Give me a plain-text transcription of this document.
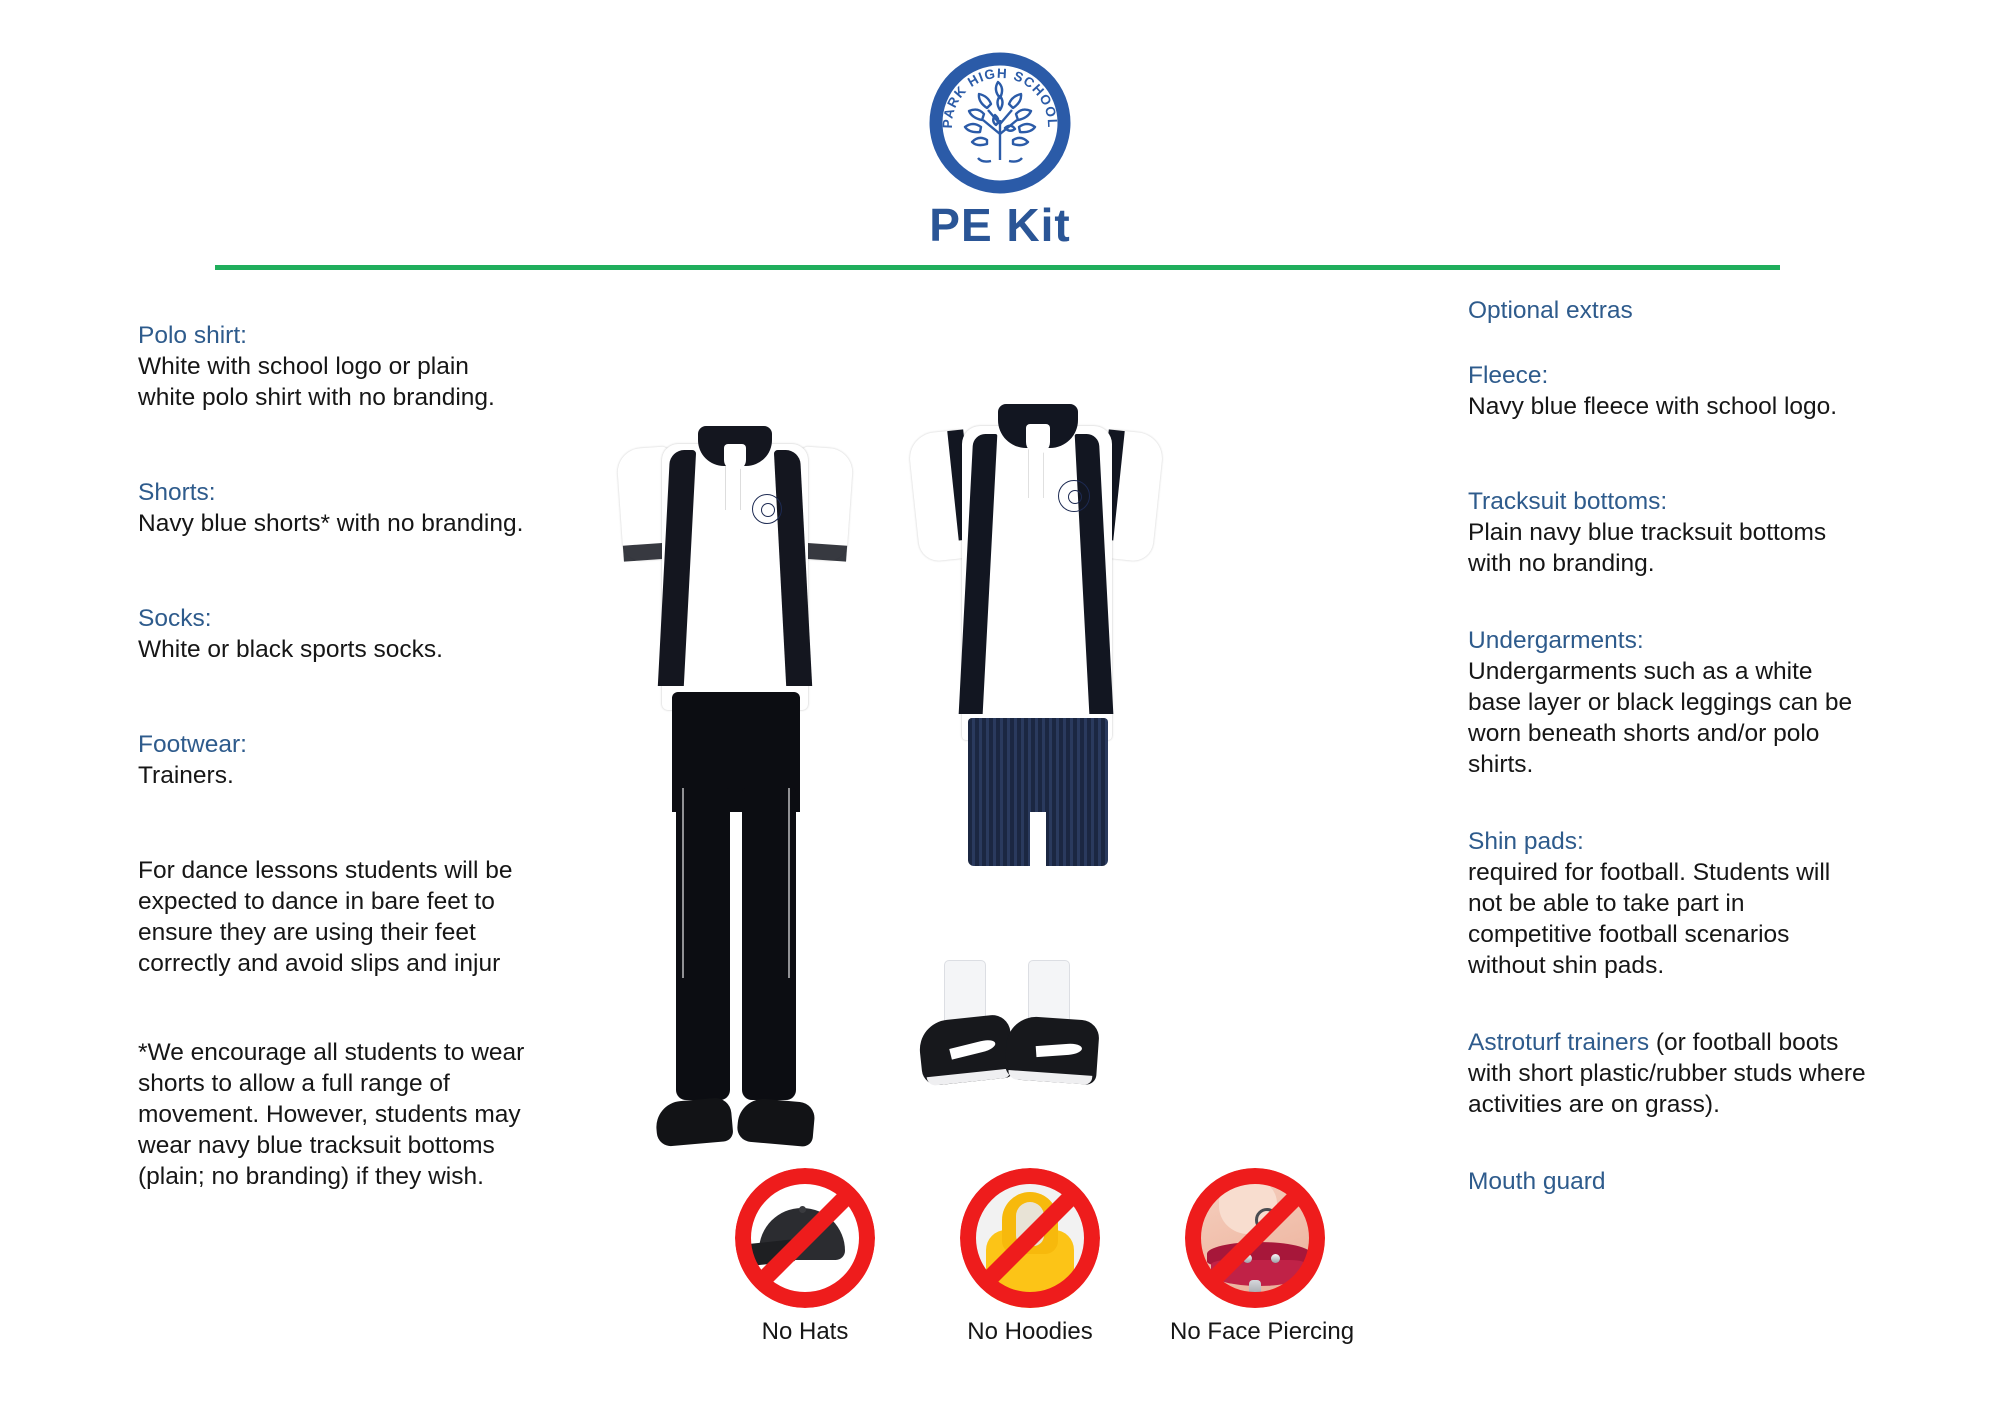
PARK HIGH SCHOOL
PE Kit
Polo shirt:
White with school logo or plain white polo shirt with no branding.
Shorts:
Navy blue shorts* with no branding.
Socks:
White or black sports socks.
Footwear:
Trainers.
For dance lessons students will be expected to dance in bare feet to ensure they are using their feet correctly and avoid slips and injur
*We encourage all students to wear shorts to allow a full range of movement. However, students may wear navy blue tracksuit bottoms (plain; no branding) if they wish.
Optional extras
Fleece:
Navy blue fleece with school logo.
Tracksuit bottoms:
Plain navy blue tracksuit bottoms with no branding.
Undergarments:
Undergarments such as a white base layer or black leggings can be worn beneath shorts and/or polo shirts.
Shin pads:
required for football. Students will not be able to take part in competitive football scenarios without shin pads.
Astroturf trainers (or football boots with short plastic/rubber studs where activities are on grass).
Mouth guard
No Hats	No Hoodies	No Face Piercing
